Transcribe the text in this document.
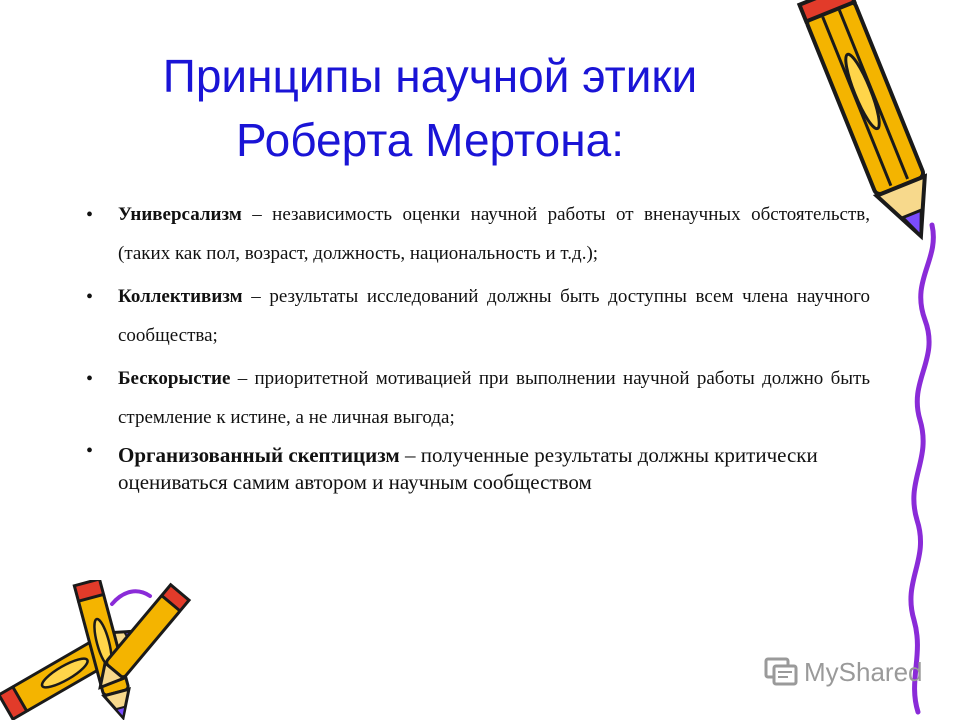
Принципы научной этики
Роберта Мертона:
• Универсализм – независимость оценки научной работы от вненаучных обстоятельств, (таких как пол, возраст, должность, национальность и т.д.);
• Коллективизм – результаты исследований должны быть доступны всем члена научного сообщества;
• Бескорыстие – приоритетной мотивацией при выполнении научной работы должно быть стремление к истине, а не личная выгода;
• Организованный скептицизм – полученные результаты должны критически оцениваться самим автором и научным сообществом
MyShared
